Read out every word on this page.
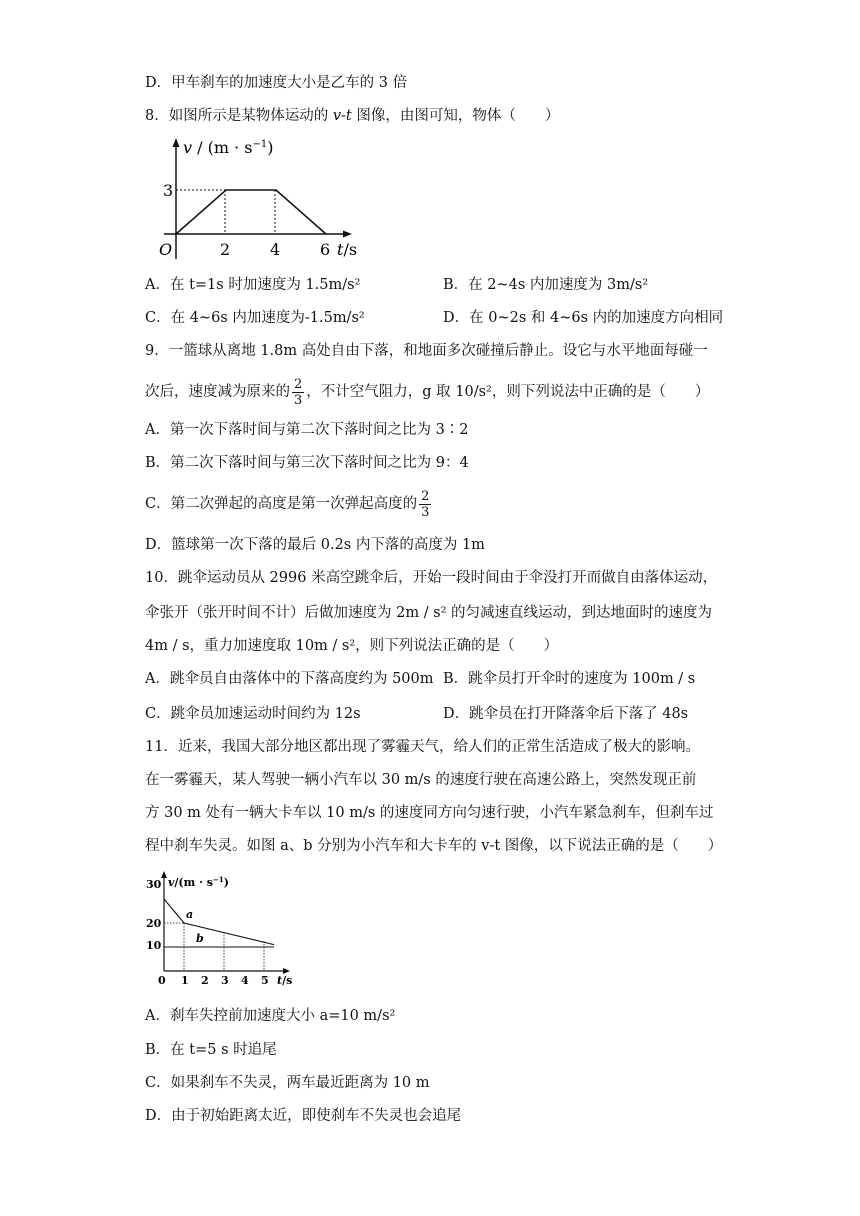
D．甲车刹车的加速度大小是乙车的 3 倍
8．如图所示是某物体运动的 v-t 图像，由图可知，物体（　　）
$v / (m \cdot s^{-1})$
3
O	2 4 6 t/s
A．在 t=1s 时加速度为 1.5m/s²	B．在 2~4s 内加速度为 3m/s²
C．在 4~6s 内加速度为-1.5m/s²	D．在 0~2s 和 4~6s 内的加速度方向相同
9．一篮球从离地 1.8m 高处自由下落，和地面多次碰撞后静止。设它与水平地面每碰一
次后，速度减为原来的 $\frac{2}{3}$ ，不计空气阻力，g 取 10/s²，则下列说法中正确的是（　　）
A．第一次下落时间与第二次下落时间之比为 3∶2
B．第二次下落时间与第三次下落时间之比为 9：4
C．第二次弹起的高度是第一次弹起高度的 $\frac{2}{3}$
D．篮球第一次下落的最后 0.2s 内下落的高度为 1m
10．跳伞运动员从 2996 米高空跳伞后，开始一段时间由于伞没打开而做自由落体运动，
伞张开（张开时间不计）后做加速度为 2m / s² 的匀减速直线运动，到达地面时的速度为
4m / s，重力加速度取 10m / s²，则下列说法正确的是（　　）
A．跳伞员自由落体中的下落高度约为 500m B．跳伞员打开伞时的速度为 100m / s
C．跳伞员加速运动时间约为 12s	D．跳伞员在打开降落伞后下落了 48s
11．近来，我国大部分地区都出现了雾霾天气，给人们的正常生活造成了极大的影响。
在一雾霾天，某人驾驶一辆小汽车以 30 m/s 的速度行驶在高速公路上，突然发现正前
方 30 m 处有一辆大卡车以 10 m/s 的速度同方向匀速行驶，小汽车紧急刹车，但刹车过
程中刹车失灵。如图 a、b 分别为小汽车和大卡车的 v-t 图像，以下说法正确的是（　　）
$v/(m \cdot s^{-1})$
30
20
10
0 1 2 3 4 5 t/s
a
b
A．刹车失控前加速度大小 a=10 m/s²
B．在 t=5 s 时追尾
C．如果刹车不失灵，两车最近距离为 10 m
D．由于初始距离太近，即使刹车不失灵也会追尾
